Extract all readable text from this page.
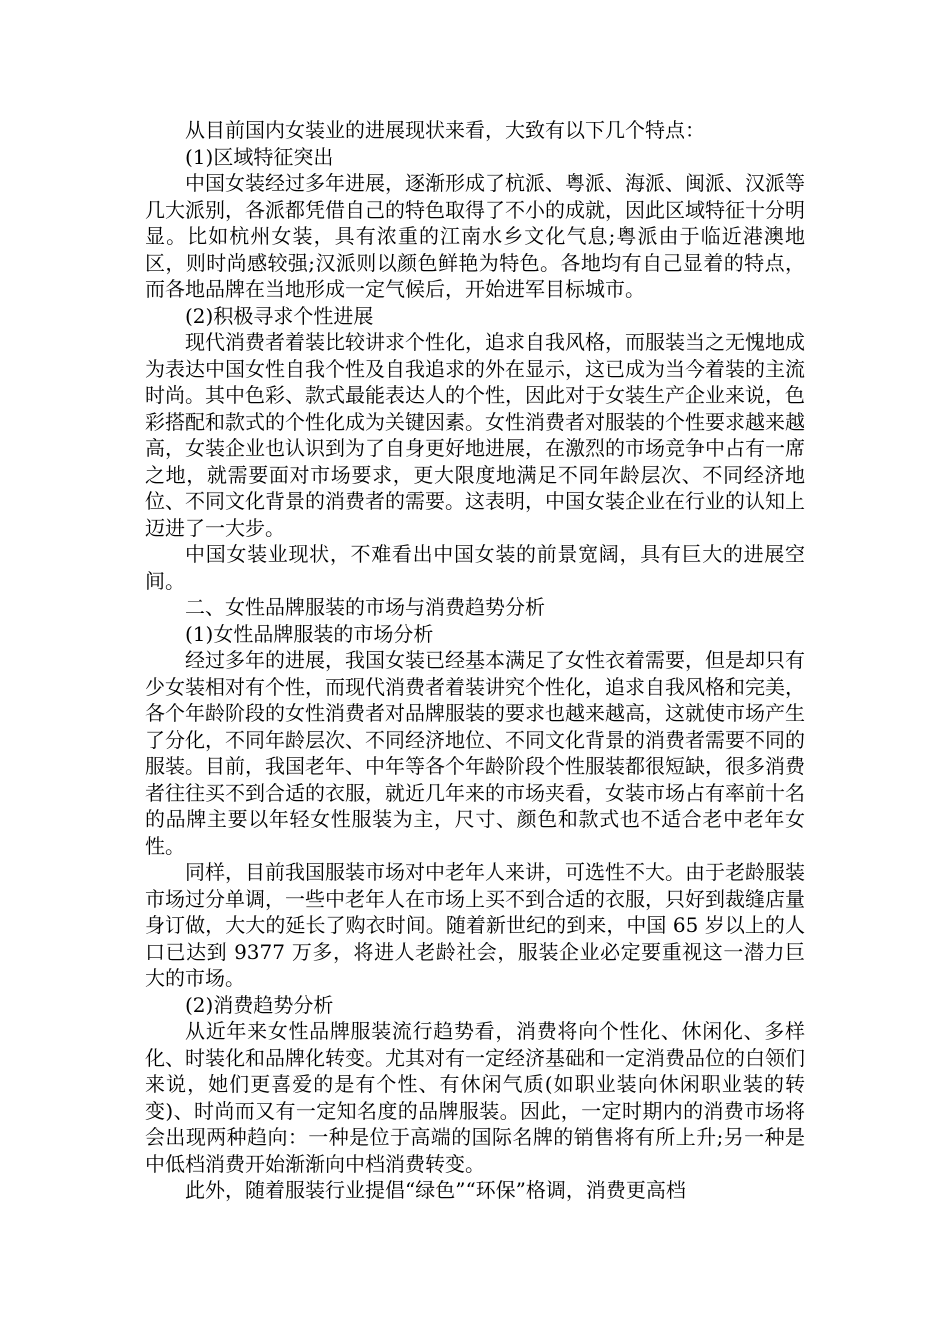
从目前国内女装业的进展现状来看，大致有以下几个特点：

(1)区域特征突出

中国女装经过多年进展，逐渐形成了杭派、粤派、海派、闽派、汉派等几大派别，各派都凭借自己的特色取得了不小的成就，因此区域特征十分明显。比如杭州女装，具有浓重的江南水乡文化气息;粤派由于临近港澳地区，则时尚感较强;汉派则以颜色鲜艳为特色。各地均有自己显着的特点，而各地品牌在当地形成一定气候后，开始进军目标城市。

(2)积极寻求个性进展

现代消费者着装比较讲求个性化，追求自我风格，而服装当之无愧地成为表达中国女性自我个性及自我追求的外在显示，这已成为当今着装的主流时尚。其中色彩、款式最能表达人的个性，因此对于女装生产企业来说，色彩搭配和款式的个性化成为关键因素。女性消费者对服装的个性要求越来越高，女装企业也认识到为了自身更好地进展，在激烈的市场竞争中占有一席之地，就需要面对市场要求，更大限度地满足不同年龄层次、不同经济地位、不同文化背景的消费者的需要。这表明，中国女装企业在行业的认知上迈进了一大步。

中国女装业现状，不难看出中国女装的前景宽阔，具有巨大的进展空间。

二、女性品牌服装的市场与消费趋势分析

(1)女性品牌服装的市场分析

经过多年的进展，我国女装已经基本满足了女性衣着需要，但是却只有少女装相对有个性，而现代消费者着装讲究个性化，追求自我风格和完美，各个年龄阶段的女性消费者对品牌服装的要求也越来越高，这就使市场产生了分化，不同年龄层次、不同经济地位、不同文化背景的消费者需要不同的服装。目前，我国老年、中年等各个年龄阶段个性服装都很短缺，很多消费者往往买不到合适的衣服，就近几年来的市场夹看，女装市场占有率前十名的品牌主要以年轻女性服装为主，尺寸、颜色和款式也不适合老中老年女性。

同样，目前我国服装市场对中老年人来讲，可选性不大。由于老龄服装市场过分单调，一些中老年人在市场上买不到合适的衣服，只好到裁缝店量身订做，大大的延长了购衣时间。随着新世纪的到来，中国 65 岁以上的人口已达到 9377 万多，将进人老龄社会，服装企业必定要重视这一潜力巨大的市场。

(2)消费趋势分析

从近年来女性品牌服装流行趋势看，消费将向个性化、休闲化、多样化、时装化和品牌化转变。尤其对有一定经济基础和一定消费品位的白领们来说，她们更喜爱的是有个性、有休闲气质(如职业装向休闲职业装的转变)、时尚而又有一定知名度的品牌服装。因此，一定时期内的消费市场将会出现两种趋向：一种是位于高端的国际名牌的销售将有所上升;另一种是中低档消费开始渐渐向中档消费转变。

此外，随着服装行业提倡“绿色”“环保”格调，消费更高档
